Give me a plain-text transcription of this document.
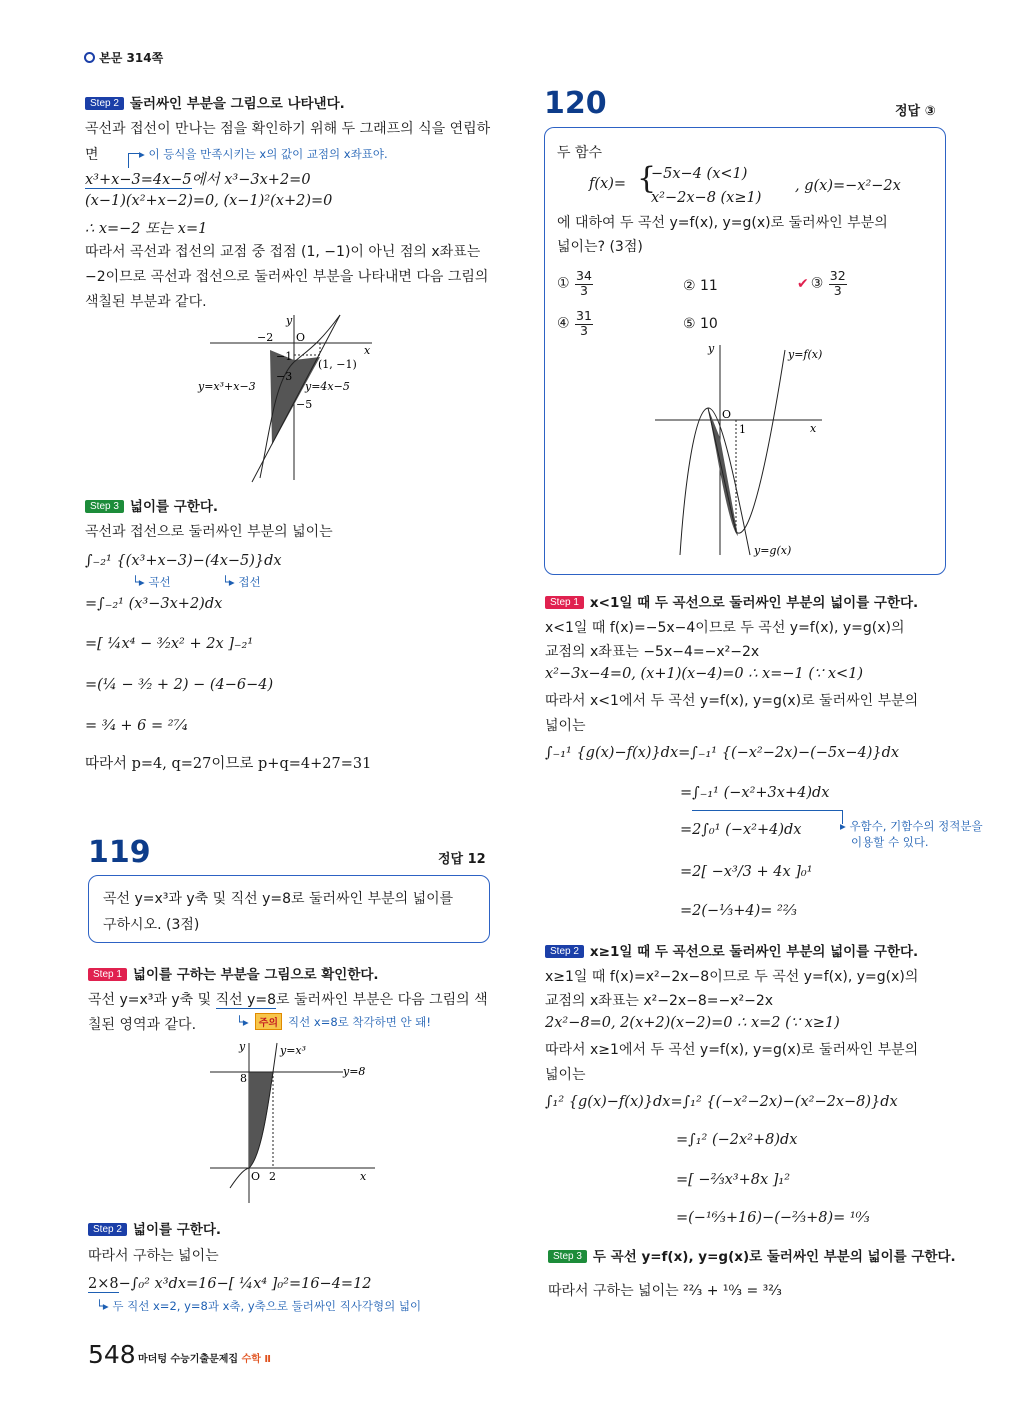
본문 314쪽
Step 2 둘러싸인 부분을 그림으로 나타낸다.
곡선과 접선이 만나는 점을 확인하기 위해 두 그래프의 식을 연립하
면	▸ 이 등식을 만족시키는 x의 값이 교점의 x좌표야.
x³+x−3=4x−5에서 x³−3x+2=0
(x−1)(x²+x−2)=0, (x−1)²(x+2)=0
∴ x=−2 또는 x=1
따라서 곡선과 접선의 교점 중 접점 (1, −1)이 아닌 점의 x좌표는
−2이므로 곡선과 접선으로 둘러싸인 부분을 나타내면 다음 그림의
색칠된 부분과 같다.
y
x
O
−2
−1
−3
−5
(1, −1)
y=x³+x−3	y=4x−5
Step 3 넓이를 구한다.
곡선과 접선으로 둘러싸인 부분의 넓이는
∫₋₂¹ {(x³+x−3)−(4x−5)}dx
└▸ 곡선	└▸ 접선
=∫₋₂¹ (x³−3x+2)dx
=[ ¼x⁴ − ³⁄₂x² + 2x ]₋₂¹
=(¼ − ³⁄₂ + 2) − (4−6−4)
= ³⁄₄ + 6 = ²⁷⁄₄
따라서 p=4, q=27이므로 p+q=4+27=31
119	정답 12
곡선 y=x³과 y축 및 직선 y=8로 둘러싸인 부분의 넓이를
구하시오. (3점)
Step 1 넓이를 구하는 부분을 그림으로 확인한다.
곡선 y=x³과 y축 및 직선 y=8로 둘러싸인 부분은 다음 그림의 색
칠된 영역과 같다.	└▸ 주의 직선 x=8로 착각하면 안 돼!
y
x
O 2
8
y=x³
y=8
Step 2 넓이를 구한다.
따라서 구하는 넓이는
2×8−∫₀² x³dx=16−[ ¼x⁴ ]₀²=16−4=12
└▸ 두 직선 x=2, y=8과 x축, y축으로 둘러싸인 직사각형의 넓이
548 마더텅 수능기출문제집 수학 Ⅱ
120	정답 ③
두 함수
f(x)= {
−5x−4 (x<1)
x²−2x−8 (x≥1)
, g(x)=−x²−2x
에 대하여 두 곡선 y=f(x), y=g(x)로 둘러싸인 부분의
넓이는? (3점)
① $\frac{34}{3}$	② 11	✔ ③ $\frac{32}{3}$
④ $\frac{31}{3}$	⑤ 10
y
x
O
1
y=f(x)
y=g(x)
Step 1 x<1일 때 두 곡선으로 둘러싸인 부분의 넓이를 구한다.
x<1일 때 f(x)=−5x−4이므로 두 곡선 y=f(x), y=g(x)의
교점의 x좌표는 −5x−4=−x²−2x
x²−3x−4=0, (x+1)(x−4)=0 ∴ x=−1 (∵ x<1)
따라서 x<1에서 두 곡선 y=f(x), y=g(x)로 둘러싸인 부분의
넓이는
∫₋₁¹ {g(x)−f(x)}dx=∫₋₁¹ {(−x²−2x)−(−5x−4)}dx
=∫₋₁¹ (−x²+3x+4)dx
=2∫₀¹ (−x²+4)dx	▸ 우함수, 기함수의 정적분을
이용할 수 있다.
=2[ −x³/3 + 4x ]₀¹
=2(−⅓+4)= ²²⁄₃
Step 2 x≥1일 때 두 곡선으로 둘러싸인 부분의 넓이를 구한다.
x≥1일 때 f(x)=x²−2x−8이므로 두 곡선 y=f(x), y=g(x)의
교점의 x좌표는 x²−2x−8=−x²−2x
2x²−8=0, 2(x+2)(x−2)=0 ∴ x=2 (∵ x≥1)
따라서 x≥1에서 두 곡선 y=f(x), y=g(x)로 둘러싸인 부분의
넓이는
∫₁² {g(x)−f(x)}dx=∫₁² {(−x²−2x)−(x²−2x−8)}dx
=∫₁² (−2x²+8)dx
=[ −⅔x³+8x ]₁²
=(−¹⁶⁄₃+16)−(−⅔+8)= ¹⁰⁄₃
Step 3 두 곡선 y=f(x), y=g(x)로 둘러싸인 부분의 넓이를 구한다.
따라서 구하는 넓이는 ²²⁄₃ + ¹⁰⁄₃ = ³²⁄₃
